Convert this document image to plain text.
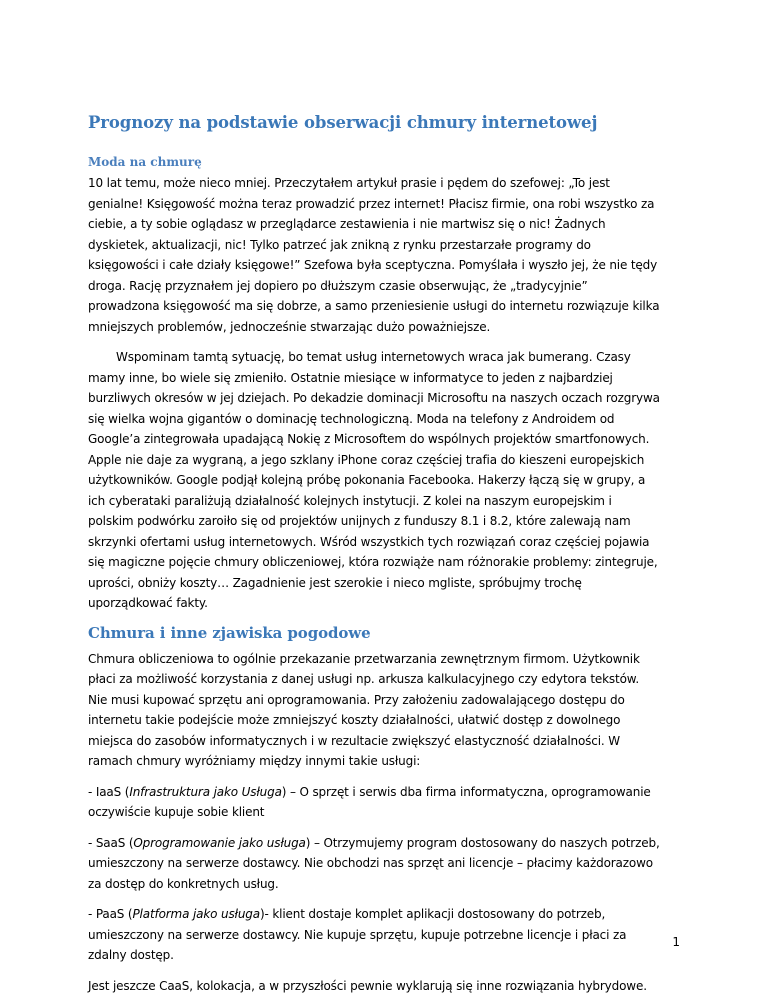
Prognozy na podstawie obserwacji chmury internetowej
Moda na chmurę

10 lat temu, może nieco mniej. Przeczytałem artykuł prasie i pędem do szefowej: „To jest genialne! Księgowość można teraz prowadzić przez internet! Płacisz firmie, ona robi wszystko za ciebie, a ty sobie oglądasz w przeglądarce zestawienia i nie martwisz się o nic! Żadnych dyskietek, aktualizacji, nic! Tylko patrzeć jak znikną z rynku przestarzałe programy do księgowości i całe działy księgowe!” Szefowa była sceptyczna. Pomyślała i wyszło jej, że nie tędy droga. Rację przyznałem jej dopiero po dłuższym czasie obserwując, że „tradycyjnie” prowadzona księgowość ma się dobrze, a samo przeniesienie usługi do internetu rozwiązuje kilka mniejszych problemów, jednocześnie stwarzając dużo poważniejsze.

Wspominam tamtą sytuację, bo temat usług internetowych wraca jak bumerang. Czasy mamy inne, bo wiele się zmieniło. Ostatnie miesiące w informatyce to jeden z najbardziej burzliwych okresów w jej dziejach. Po dekadzie dominacji Microsoftu na naszych oczach rozgrywa się wielka wojna gigantów o dominację technologiczną. Moda na telefony z Androidem od Google’a zintegrowała upadającą Nokię z Microsoftem do wspólnych projektów smartfonowych. Apple nie daje za wygraną, a jego szklany iPhone coraz częściej trafia do kieszeni europejskich użytkowników. Google podjął kolejną próbę pokonania Facebooka. Hakerzy łączą się w grupy, a ich cyberataki paraliżują działalność kolejnych instytucji. Z kolei na naszym europejskim i polskim podwórku zaroiło się od projektów unijnych z funduszy 8.1 i 8.2, które zalewają nam skrzynki ofertami usług internetowych. Wśród wszystkich tych rozwiązań coraz częściej pojawia się magiczne pojęcie chmury obliczeniowej, która rozwiąże nam różnorakie problemy: zintegruje, uprości, obniży koszty… Zagadnienie jest szerokie i nieco mgliste, spróbujmy trochę uporządkować fakty.

Chmura i inne zjawiska pogodowe

Chmura obliczeniowa to ogólnie przekazanie przetwarzania zewnętrznym firmom. Użytkownik płaci za możliwość korzystania z danej usługi np. arkusza kalkulacyjnego czy edytora tekstów. Nie musi kupować sprzętu ani oprogramowania. Przy założeniu zadowalającego dostępu do internetu takie podejście może zmniejszyć koszty działalności, ułatwić dostęp z dowolnego miejsca do zasobów informatycznych i w rezultacie zwiększyć elastyczność działalności. W ramach chmury wyróżniamy między innymi takie usługi:

- IaaS (Infrastruktura jako Usługa) – O sprzęt i serwis dba firma informatyczna, oprogramowanie oczywiście kupuje sobie klient

- SaaS (Oprogramowanie jako usługa) – Otrzymujemy program dostosowany do naszych potrzeb, umieszczony na serwerze dostawcy. Nie obchodzi nas sprzęt ani licencje – płacimy każdorazowo za dostęp do konkretnych usług.

- PaaS (Platforma jako usługa)- klient dostaje komplet aplikacji dostosowany do potrzeb, umieszczony na serwerze dostawcy. Nie kupuje sprzętu, kupuje potrzebne licencje i płaci za zdalny dostęp.

Jest jeszcze CaaS, kolokacja, a w przyszłości pewnie wyklarują się inne rozwiązania hybrydowe.

1
